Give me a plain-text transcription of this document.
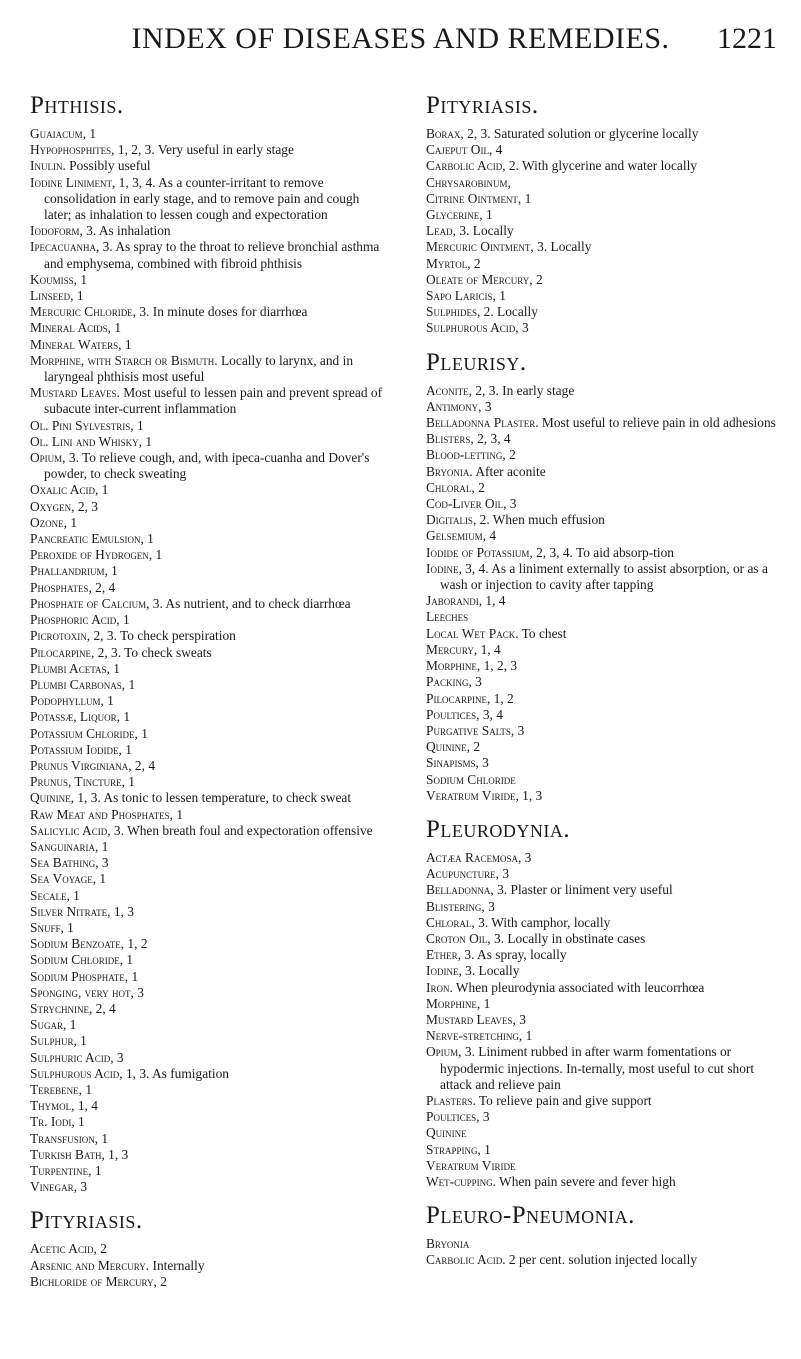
INDEX OF DISEASES AND REMEDIES.	1221
Phthisis.
Guaiacum, 1
Hypophosphites, 1, 2, 3. Very useful in early stage
Inulin. Possibly useful
Iodine Liniment, 1, 3, 4. As a counter-irritant to remove consolidation in early stage, and to remove pain and cough later; as inhalation to lessen cough and expectoration
Iodoform, 3. As inhalation
Ipecacuanha, 3. As spray to the throat to relieve bronchial asthma and emphysema, combined with fibroid phthisis
Koumiss, 1
Linseed, 1
Mercuric Chloride, 3. In minute doses for diarrhœa
Mineral Acids, 1
Mineral Waters, 1
Morphine, with Starch or Bismuth. Locally to larynx, and in laryngeal phthisis most useful
Mustard Leaves. Most useful to lessen pain and prevent spread of subacute inter-current inflammation
Ol. Pini Sylvestris, 1
Ol. Lini and Whisky, 1
Opium, 3. To relieve cough, and, with ipeca-cuanha and Dover's powder, to check sweating
Oxalic Acid, 1
Oxygen, 2, 3
Ozone, 1
Pancreatic Emulsion, 1
Peroxide of Hydrogen, 1
Phallandrium, 1
Phosphates, 2, 4
Phosphate of Calcium, 3. As nutrient, and to check diarrhœa
Phosphoric Acid, 1
Picrotoxin, 2, 3. To check perspiration
Pilocarpine, 2, 3. To check sweats
Plumbi Acetas, 1
Plumbi Carbonas, 1
Podophyllum, 1
Potassæ, Liquor, 1
Potassium Chloride, 1
Potassium Iodide, 1
Prunus Virginiana, 2, 4
Prunus, Tincture, 1
Quinine, 1, 3. As tonic to lessen temperature, to check sweat
Raw Meat and Phosphates, 1
Salicylic Acid, 3. When breath foul and expectoration offensive
Sanguinaria, 1
Sea Bathing, 3
Sea Voyage, 1
Secale, 1
Silver Nitrate, 1, 3
Snuff, 1
Sodium Benzoate, 1, 2
Sodium Chloride, 1
Sodium Phosphate, 1
Sponging, very hot, 3
Strychnine, 2, 4
Sugar, 1
Sulphur, 1
Sulphuric Acid, 3
Sulphurous Acid, 1, 3. As fumigation
Terebene, 1
Thymol, 1, 4
Tr. Iodi, 1
Transfusion, 1
Turkish Bath, 1, 3
Turpentine, 1
Vinegar, 3
Pityriasis.
Acetic Acid, 2
Arsenic and Mercury. Internally
Bichloride of Mercury, 2
Pityriasis.
Borax, 2, 3. Saturated solution or glycerine locally
Cajeput Oil, 4
Carbolic Acid, 2. With glycerine and water locally
Chrysarobinum,
Citrine Ointment, 1
Glycerine, 1
Lead, 3. Locally
Mercuric Ointment, 3. Locally
Myrtol, 2
Oleate of Mercury, 2
Sapo Laricis, 1
Sulphides, 2. Locally
Sulphurous Acid, 3
Pleurisy.
Aconite, 2, 3. In early stage
Antimony, 3
Belladonna Plaster. Most useful to relieve pain in old adhesions
Blisters, 2, 3, 4
Blood-letting, 2
Bryonia. After aconite
Chloral, 2
Cod-Liver Oil, 3
Digitalis, 2. When much effusion
Gelsemium, 4
Iodide of Potassium, 2, 3, 4. To aid absorp-tion
Iodine, 3, 4. As a liniment externally to assist absorption, or as a wash or injection to cavity after tapping
Jaborandi, 1, 4
Leeches
Local Wet Pack. To chest
Mercury, 1, 4
Morphine, 1, 2, 3
Packing, 3
Pilocarpine, 1, 2
Poultices, 3, 4
Purgative Salts, 3
Quinine, 2
Sinapisms, 3
Sodium Chloride
Veratrum Viride, 1, 3
Pleurodynia.
Actæa Racemosa, 3
Acupuncture, 3
Belladonna, 3. Plaster or liniment very useful
Blistering, 3
Chloral, 3. With camphor, locally
Croton Oil, 3. Locally in obstinate cases
Ether, 3. As spray, locally
Iodine, 3. Locally
Iron. When pleurodynia associated with leucorrhœa
Morphine, 1
Mustard Leaves, 3
Nerve-stretching, 1
Opium, 3. Liniment rubbed in after warm fomentations or hypodermic injections. In-ternally, most useful to cut short attack and relieve pain
Plasters. To relieve pain and give support
Poultices, 3
Quinine
Strapping, 1
Veratrum Viride
Wet-cupping. When pain severe and fever high
Pleuro-Pneumonia.
Bryonia
Carbolic Acid. 2 per cent. solution injected locally
